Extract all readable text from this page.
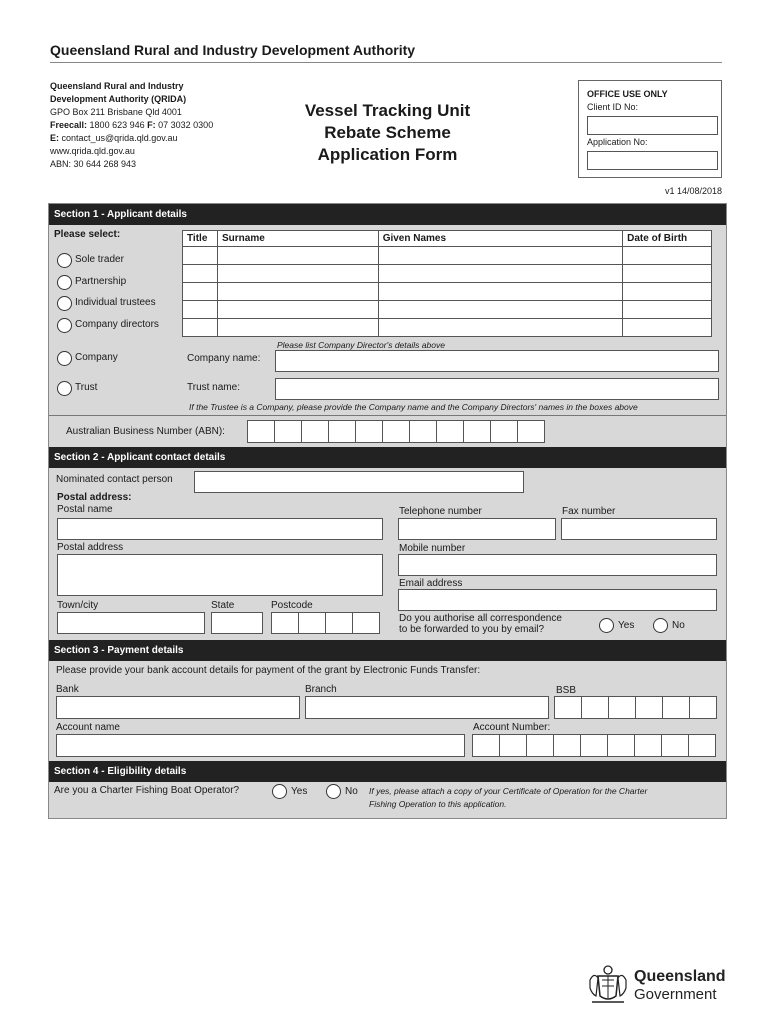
Queensland Rural and Industry Development Authority
Queensland Rural and Industry
Development Authority (QRIDA)
GPO Box 211 Brisbane Qld 4001
Freecall: 1800 623 946 F: 07 3032 0300
E: contact_us@qrida.qld.gov.au
www.qrida.qld.gov.au
ABN: 30 644 268 943
Vessel Tracking Unit
Rebate Scheme
Application Form
OFFICE USE ONLY
Client ID No:
Application No:
v1 14/08/2018
Section 1 - Applicant details
Please select:
Sole trader
Partnership
Individual trustees
Company directors
Title	Surname	Given Names	Date of Birth

Please list Company Director's details above
Company	Company name:
Trust	Trust name:
If the Trustee is a Company, please provide the Company name and the Company Directors' names in the boxes above
Australian Business Number (ABN):
Section 2 - Applicant contact details
Nominated contact person
Postal address:
Postal name
Postal address
Town/city	State	Postcode
Telephone number	Fax number
Mobile number
Email address
Do you authorise all correspondence
to be forwarded to you by email?	Yes	No
Section 3 - Payment details
Please provide your bank account details for payment of the grant by Electronic Funds Transfer:
Bank	Branch	BSB
Account name	Account Number:
Section 4 - Eligibility details
Are you a Charter Fishing Boat Operator?	Yes	No If yes, please attach a copy of your Certificate of Operation for the Charter
Fishing Operation to this application.
Queensland
Government
